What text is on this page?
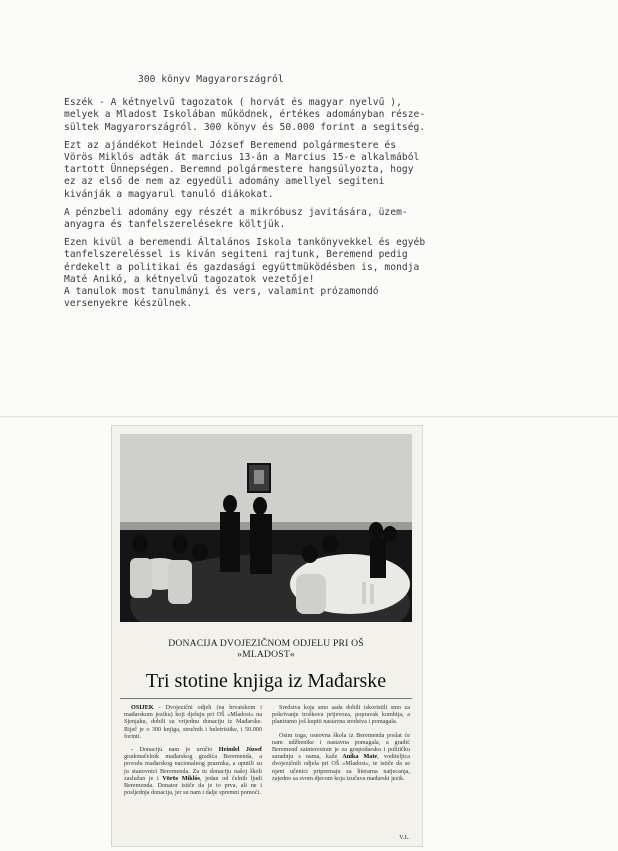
300 könyv Magyarországról

Eszék - A kétnyelvű tagozatok ( horvát és magyar nyelvű ),
melyek a Mladost Iskolában működnek, értékes adományban része-
sültek Magyarországról. 300 könyv és 50.000 forint a segitség.

Ezt az ajándékot Heindel József Beremend polgármestere és
Vörös Miklós adták át marcius 13-án a Marcius 15-e alkalmából
tartott Ünnepségen. Beremnd polgármestere hangsúlyozta, hogy
ez az első de nem az egyedüli adomány amellyel segiteni
kivánják a magyarul tanuló diákokat.

A pénzbeli adomány egy részét a mikróbusz javitására, üzem-
anyagra és tanfelszerelésekre költjük.

Ezen kivül a beremendi Általános Iskola tankönyvekkel és egyéb
tanfelszereléssel is kiván segiteni rajtunk, Beremend pedig
érdekelt a politikai és gazdasági együttmüködésben is, mondja
Maté Anikó, a kétnyelvű tagozatok vezetője!
A tanulok most tanulmányi és vers, valamint prózamondó
versenyekre készülnek.

DONACIJA DVOJEZIČNOM ODJELU PRI OŠ
»MLADOST«
Tri stotine knjiga iz Mađarske

OSIJEK - Dvojezični odjeli (na hrvatskom i mađarskom jeziku) koji djeluju pri OŠ »Mladost« na Sjenjaku, dobili su vrijednu donaciju iz Mađarske. Riječ je o 300 knjiga, stručnih i beletristike, i 50.000 forinti.

- Donaciju nam je uručio Heindel József gradonačelnik mađarskog gradića Beremenda, a povodu mađarskog nacionalnog praznika, a uputili su ju stanovnici Beremenda. Za tu donaciju našoj školi zaslužan je i Vörös Miklós, jedan od čelnih ljudi Beremenda. Donator ističe da je to prva, ali ne i posljednja donacija, jer su nam i dalje spremni pomoći.

Sredstva koja smo sada dobili iskoristili smo za pokrivanje troškova prijevoza, popravak kombija, a planiramo još kupiti nastavna sredstva i pomagala.

Osim toga, osnovna škola iz Beremenda poslat će nam udžbenike i nastavna pomagala, a gradić Beremend zainteresiran je za gospodarsku i političku suradnju s nama, kaže Anika Mate, voditeljica dvojezičnih odjela pri OŠ »Mladost«, te ističe da se njeni učenici pripremaju za literarna natjecanja, zajedno sa svom djecom koja izučava mađarski jezik.

V.L.
